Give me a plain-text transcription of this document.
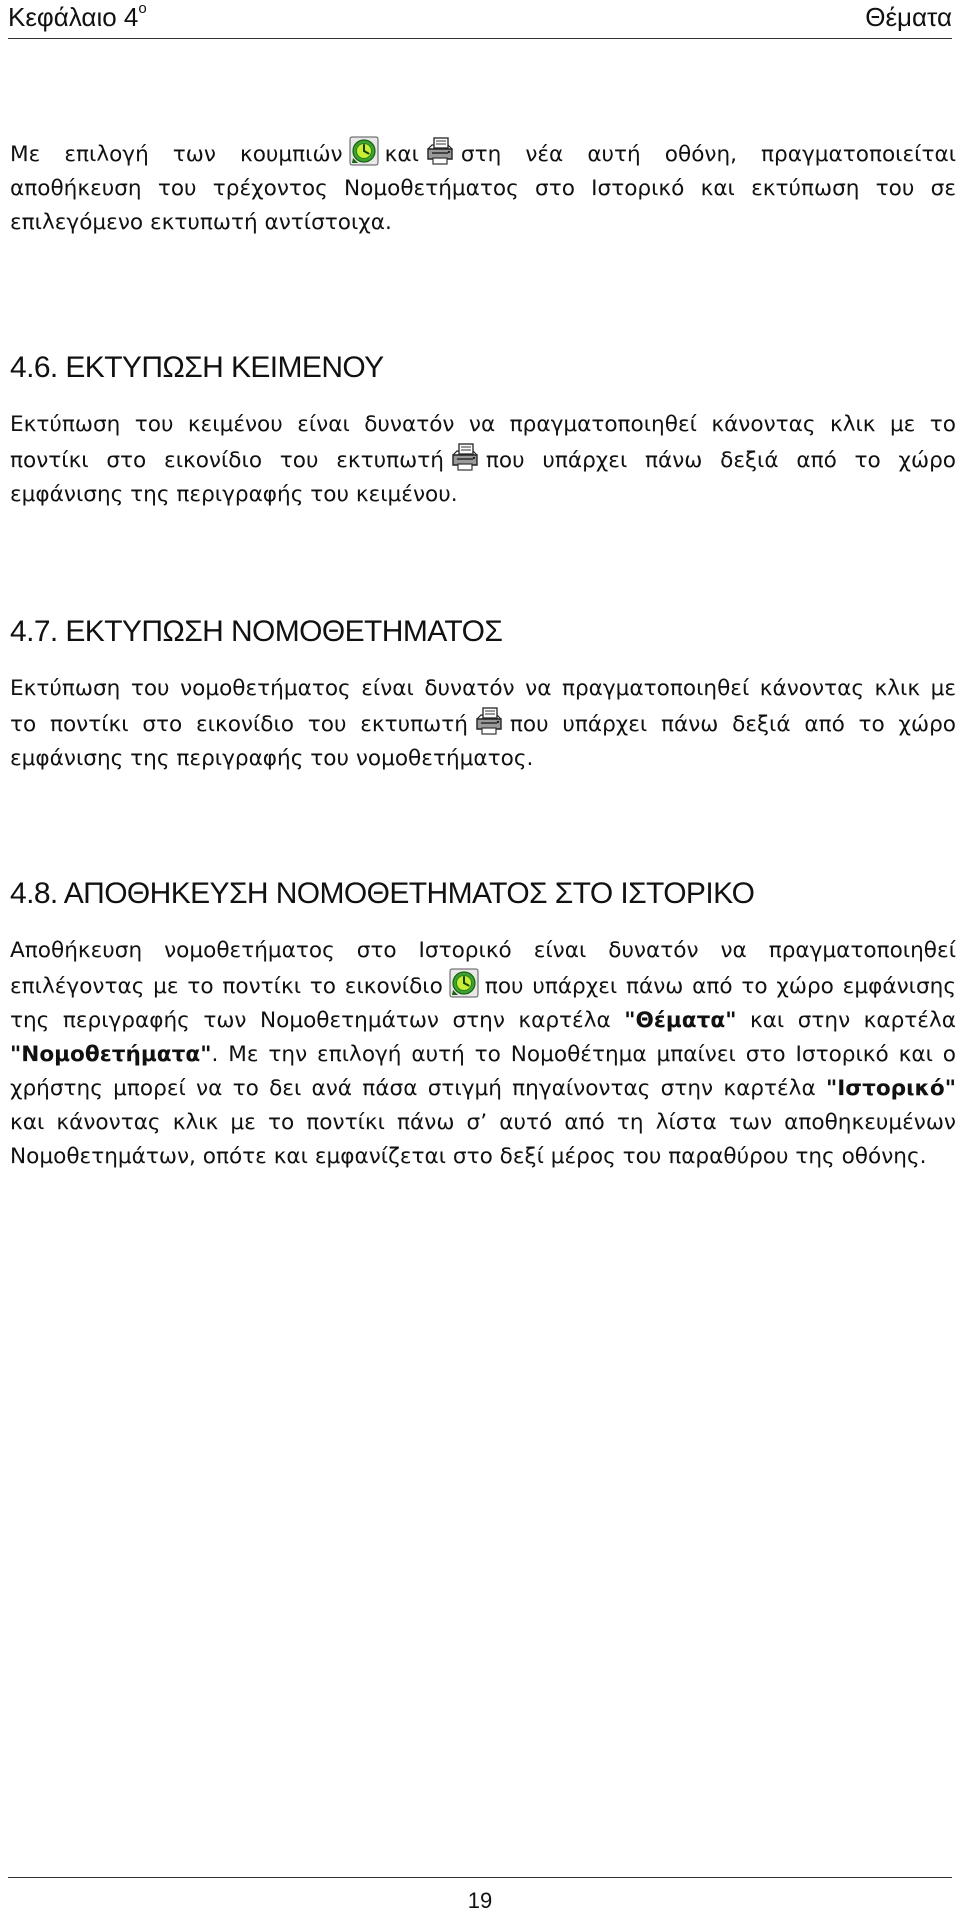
Κεφάλαιο $4^o$	Θέματα

Με επιλογή των κουμπιών και στη νέα αυτή οθόνη, πραγματοποιείται αποθήκευση του τρέχοντος Νομοθετήματος στο Ιστορικό και εκτύπωση του σε επιλεγόμενο εκτυπωτή αντίστοιχα.

4.6. ΕΚΤΥΠΩΣΗ ΚΕΙΜΕΝΟΥ

Εκτύπωση του κειμένου είναι δυνατόν να πραγματοποιηθεί κάνοντας κλικ με το ποντίκι στο εικονίδιο του εκτυπωτή που υπάρχει πάνω δεξιά από το χώρο εμφάνισης της περιγραφής του κειμένου.

4.7. ΕΚΤΥΠΩΣΗ ΝΟΜΟΘΕΤΗΜΑΤΟΣ

Εκτύπωση του νομοθετήματος είναι δυνατόν να πραγματοποιηθεί κάνοντας κλικ με το ποντίκι στο εικονίδιο του εκτυπωτή που υπάρχει πάνω δεξιά από το χώρο εμφάνισης της περιγραφής του νομοθετήματος.

4.8. ΑΠΟΘΗΚΕΥΣΗ ΝΟΜΟΘΕΤΗΜΑΤΟΣ ΣΤΟ ΙΣΤΟΡΙΚΟ

Αποθήκευση νομοθετήματος στο Ιστορικό είναι δυνατόν να πραγματοποιηθεί επιλέγοντας με το ποντίκι το εικονίδιο που υπάρχει πάνω από το χώρο εμφάνισης της περιγραφής των Νομοθετημάτων στην καρτέλα "Θέματα" και στην καρτέλα "Νομοθετήματα". Με την επιλογή αυτή το Νομοθέτημα μπαίνει στο Ιστορικό και ο χρήστης μπορεί να το δει ανά πάσα στιγμή πηγαίνοντας στην καρτέλα "Ιστορικό" και κάνοντας κλικ με το ποντίκι πάνω σ’ αυτό από τη λίστα των αποθηκευμένων Νομοθετημάτων, οπότε και εμφανίζεται στο δεξί μέρος του παραθύρου της οθόνης.

19
